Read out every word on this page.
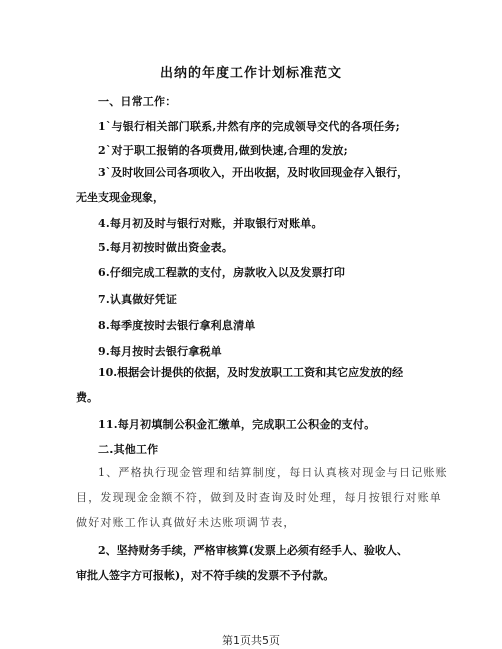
出纳的年度工作计划标准范文
一、日常工作：
1`与银行相关部门联系,井然有序的完成领导交代的各项任务;
2`对于职工报销的各项费用,做到快速,合理的发放;
3`及时收回公司各项收入，开出收据，及时收回现金存入银行，
无坐支现金现象，
4.每月初及时与银行对账，并取银行对账单。
5.每月初按时做出资金表。
6.仔细完成工程款的支付，房款收入以及发票打印
7.认真做好凭证
8.每季度按时去银行拿利息清单
9.每月按时去银行拿税单
10.根据会计提供的依据，及时发放职工工资和其它应发放的经
费。
11.每月初填制公积金汇缴单，完成职工公积金的支付。
二.其他工作
1、严格执行现金管理和结算制度，每日认真核对现金与日记账账
目，发现现金金额不符，做到及时查询及时处理，每月按银行对账单
做好对账工作认真做好未达账项调节表，
2、坚持财务手续，严格审核算(发票上必须有经手人、验收人、
审批人签字方可报帐)，对不符手续的发票不予付款。
第1页共5页
